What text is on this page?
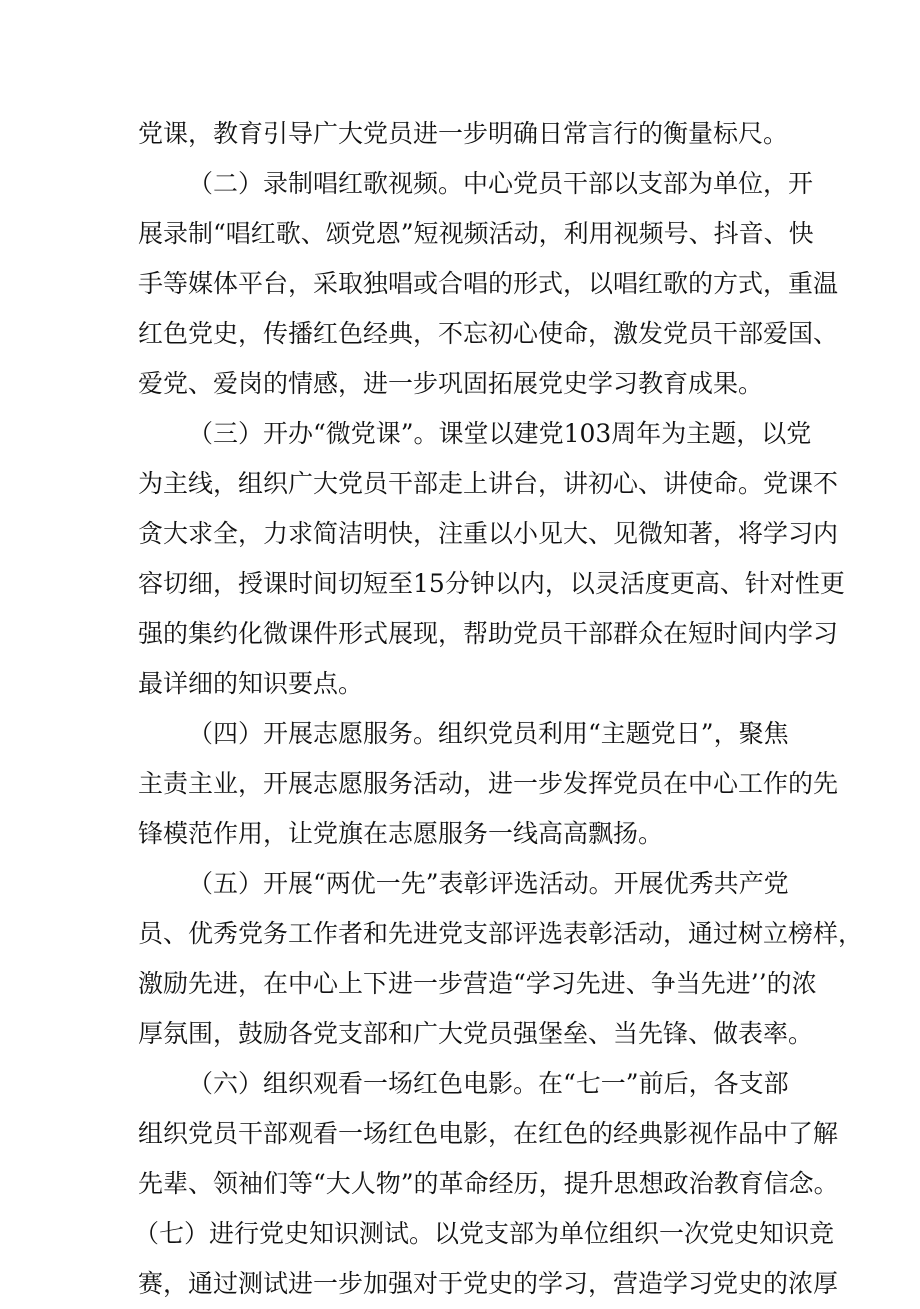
党课，教育引导广大党员进一步明确日常言行的衡量标尺。
（二）录制唱红歌视频。中心党员干部以支部为单位，开
展录制“唱红歌、颂党恩”短视频活动，利用视频号、抖音、快
手等媒体平台，采取独唱或合唱的形式，以唱红歌的方式，重温
红色党史，传播红色经典，不忘初心使命，激发党员干部爱国、
爱党、爱岗的情感，进一步巩固拓展党史学习教育成果。
（三）开办“微党课”。课堂以建党103周年为主题，以党
为主线，组织广大党员干部走上讲台，讲初心、讲使命。党课不
贪大求全，力求简洁明快，注重以小见大、见微知著，将学习内
容切细，授课时间切短至15分钟以内，以灵活度更高、针对性更
强的集约化微课件形式展现，帮助党员干部群众在短时间内学习
最详细的知识要点。
（四）开展志愿服务。组织党员利用“主题党日”，聚焦
主责主业，开展志愿服务活动，进一步发挥党员在中心工作的先
锋模范作用，让党旗在志愿服务一线高高飘扬。
（五）开展“两优一先”表彰评选活动。开展优秀共产党
员、优秀党务工作者和先进党支部评选表彰活动，通过树立榜样，
激励先进，在中心上下进一步营造“学习先进、争当先进’’的浓
厚氛围，鼓励各党支部和广大党员强堡垒、当先锋、做表率。
（六）组织观看一场红色电影。在“七一”前后，各支部
组织党员干部观看一场红色电影，在红色的经典影视作品中了解
先辈、领袖们等“大人物”的革命经历，提升思想政治教育信念。
（七）进行党史知识测试。以党支部为单位组织一次党史知识竞
赛，通过测试进一步加强对于党史的学习，营造学习党史的浓厚
